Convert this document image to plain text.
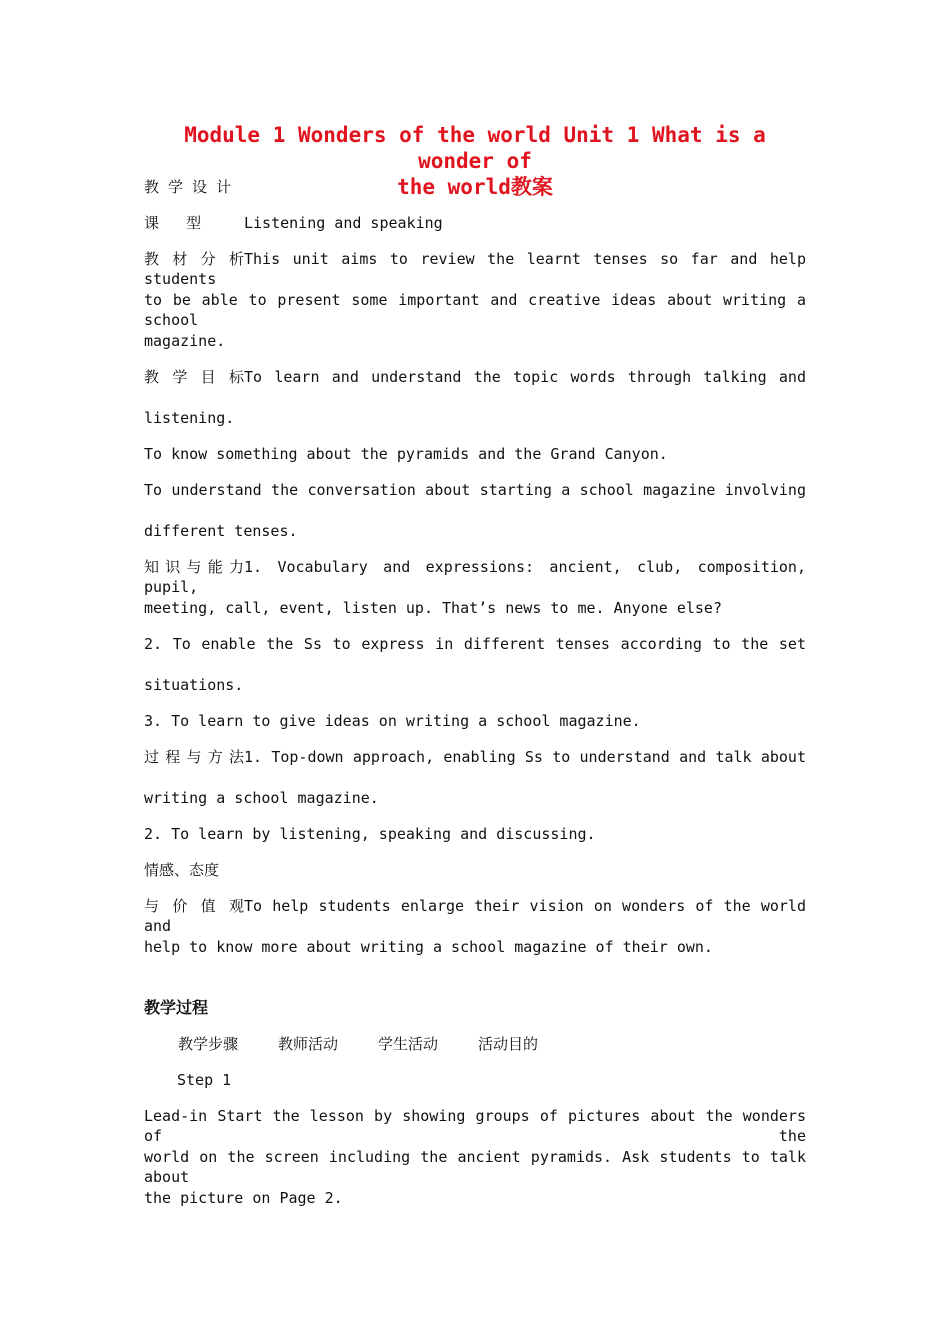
Module 1 Wonders of the world Unit 1 What is a wonder of
the world教案
教 学 设 计
课   型	Listening and speaking
教材分析This unit aims to review the learnt tenses so far and help students
to be able to present some important and creative ideas about writing a school
magazine.
教学目标To learn and understand the topic words through talking and
listening.
To know something about the pyramids and the Grand Canyon.
To understand the conversation about starting a school magazine involving
different tenses.
知识与能力1. Vocabulary and expressions: ancient, club, composition, pupil,
meeting, call, event, listen up. That’s news to me. Anyone else?
2. To enable the Ss to express in different tenses according to the set
situations.
3. To learn to give ideas on writing a school magazine.
过程与方法1. Top-down approach, enabling Ss to understand and talk about
writing a school magazine.
2. To learn by listening, speaking and discussing.
情感、态度
与价值观To help students enlarge their vision on wonders of the world and
help to know more about writing a school magazine of their own.
教学过程
教学步骤	教师活动	学生活动	活动目的
Step 1
Lead-in Start the lesson by showing groups of pictures about the wonders of the
world on the screen including the ancient pyramids. Ask students to talk about
the picture on Page 2.
